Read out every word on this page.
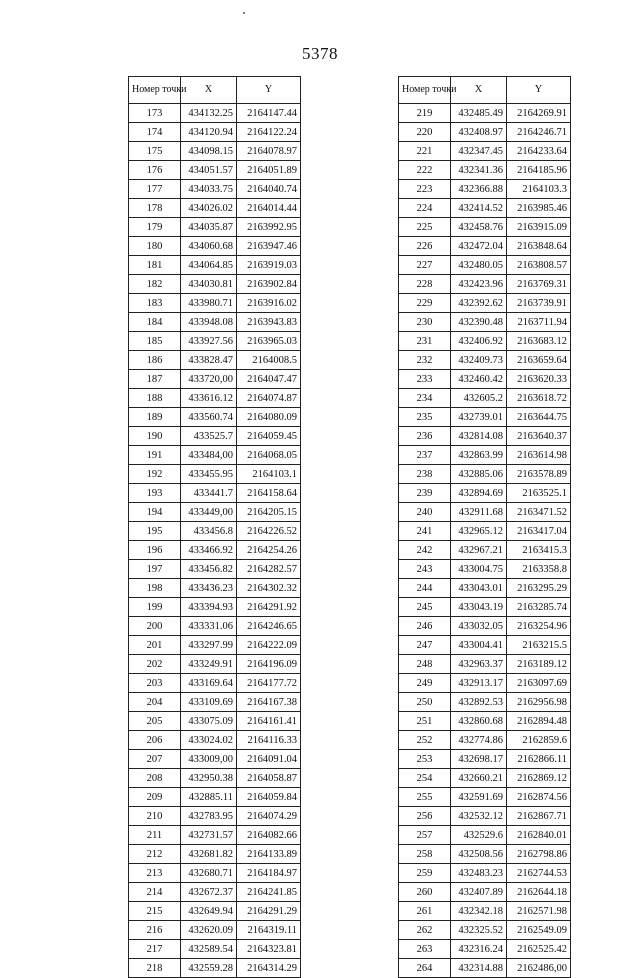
5378
Номер точки	X	Y
173	434132.25	2164147.44
174	434120.94	2164122.24
175	434098.15	2164078.97
176	434051.57	2164051.89
177	434033.75	2164040.74
178	434026.02	2164014.44
179	434035.87	2163992.95
180	434060.68	2163947.46
181	434064.85	2163919.03
182	434030.81	2163902.84
183	433980.71	2163916.02
184	433948.08	2163943.83
185	433927.56	2163965.03
186	433828.47	2164008.5
187	433720,00	2164047.47
188	433616.12	2164074.87
189	433560.74	2164080.09
190	433525.7	2164059.45
191	433484,00	2164068.05
192	433455.95	2164103.1
193	433441.7	2164158.64
194	433449,00	2164205.15
195	433456.8	2164226.52
196	433466.92	2164254.26
197	433456.82	2164282.57
198	433436.23	2164302.32
199	433394.93	2164291.92
200	433331.06	2164246.65
201	433297.99	2164222.09
202	433249.91	2164196.09
203	433169.64	2164177.72
204	433109.69	2164167.38
205	433075.09	2164161.41
206	433024.02	2164116.33
207	433009,00	2164091.04
208	432950.38	2164058.87
209	432885.11	2164059.84
210	432783.95	2164074.29
211	432731.57	2164082.66
212	432681.82	2164133.89
213	432680.71	2164184.97
214	432672.37	2164241.85
215	432649.94	2164291.29
216	432620.09	2164319.11
217	432589.54	2164323.81
218	432559.28	2164314.29
Номер точки	X	Y
219	432485.49	2164269.91
220	432408.97	2164246.71
221	432347.45	2164233.64
222	432341.36	2164185.96
223	432366.88	2164103.3
224	432414.52	2163985.46
225	432458.76	2163915.09
226	432472.04	2163848.64
227	432480.05	2163808.57
228	432423.96	2163769.31
229	432392.62	2163739.91
230	432390.48	2163711.94
231	432406.92	2163683.12
232	432409.73	2163659.64
233	432460.42	2163620.33
234	432605.2	2163618.72
235	432739.01	2163644.75
236	432814.08	2163640.37
237	432863.99	2163614.98
238	432885.06	2163578.89
239	432894.69	2163525.1
240	432911.68	2163471.52
241	432965.12	2163417.04
242	432967.21	2163415.3
243	433004.75	2163358.8
244	433043.01	2163295.29
245	433043.19	2163285.74
246	433032.05	2163254.96
247	433004.41	2163215.5
248	432963.37	2163189.12
249	432913.17	2163097.69
250	432892.53	2162956.98
251	432860.68	2162894.48
252	432774.86	2162859.6
253	432698.17	2162866.11
254	432660.21	2162869.12
255	432591.69	2162874.56
256	432532.12	2162867.71
257	432529.6	2162840.01
258	432508.56	2162798.86
259	432483.23	2162744.53
260	432407.89	2162644.18
261	432342.18	2162571.98
262	432325.52	2162549.09
263	432316.24	2162525.42
264	432314.88	2162486,00
